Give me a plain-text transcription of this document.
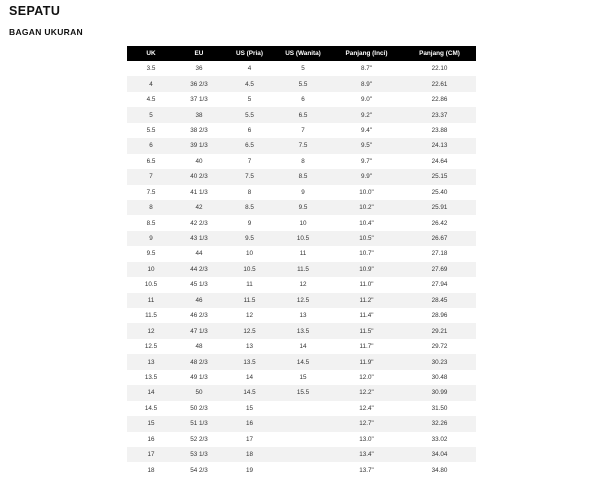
SEPATU
BAGAN UKURAN
UK	EU	US (Pria)	US (Wanita)	Panjang (Inci)	Panjang (CM)
3.5	36	4	5	8.7"	22.10
4	36 2/3	4.5	5.5	8.9"	22.61
4.5	37 1/3	5	6	9.0"	22.86
5	38	5.5	6.5	9.2"	23.37
5.5	38 2/3	6	7	9.4"	23.88
6	39 1/3	6.5	7.5	9.5"	24.13
6.5	40	7	8	9.7"	24.64
7	40 2/3	7.5	8.5	9.9"	25.15
7.5	41 1/3	8	9	10.0"	25.40
8	42	8.5	9.5	10.2"	25.91
8.5	42 2/3	9	10	10.4"	26.42
9	43 1/3	9.5	10.5	10.5"	26.67
9.5	44	10	11	10.7"	27.18
10	44 2/3	10.5	11.5	10.9"	27.69
10.5	45 1/3	11	12	11.0"	27.94
11	46	11.5	12.5	11.2"	28.45
11.5	46 2/3	12	13	11.4"	28.96
12	47 1/3	12.5	13.5	11.5"	29.21
12.5	48	13	14	11.7"	29.72
13	48 2/3	13.5	14.5	11.9"	30.23
13.5	49 1/3	14	15	12.0"	30.48
14	50	14.5	15.5	12.2"	30.99
14.5	50 2/3	15		12.4"	31.50
15	51 1/3	16		12.7"	32.26
16	52 2/3	17		13.0"	33.02
17	53 1/3	18		13.4"	34.04
18	54 2/3	19		13.7"	34.80
